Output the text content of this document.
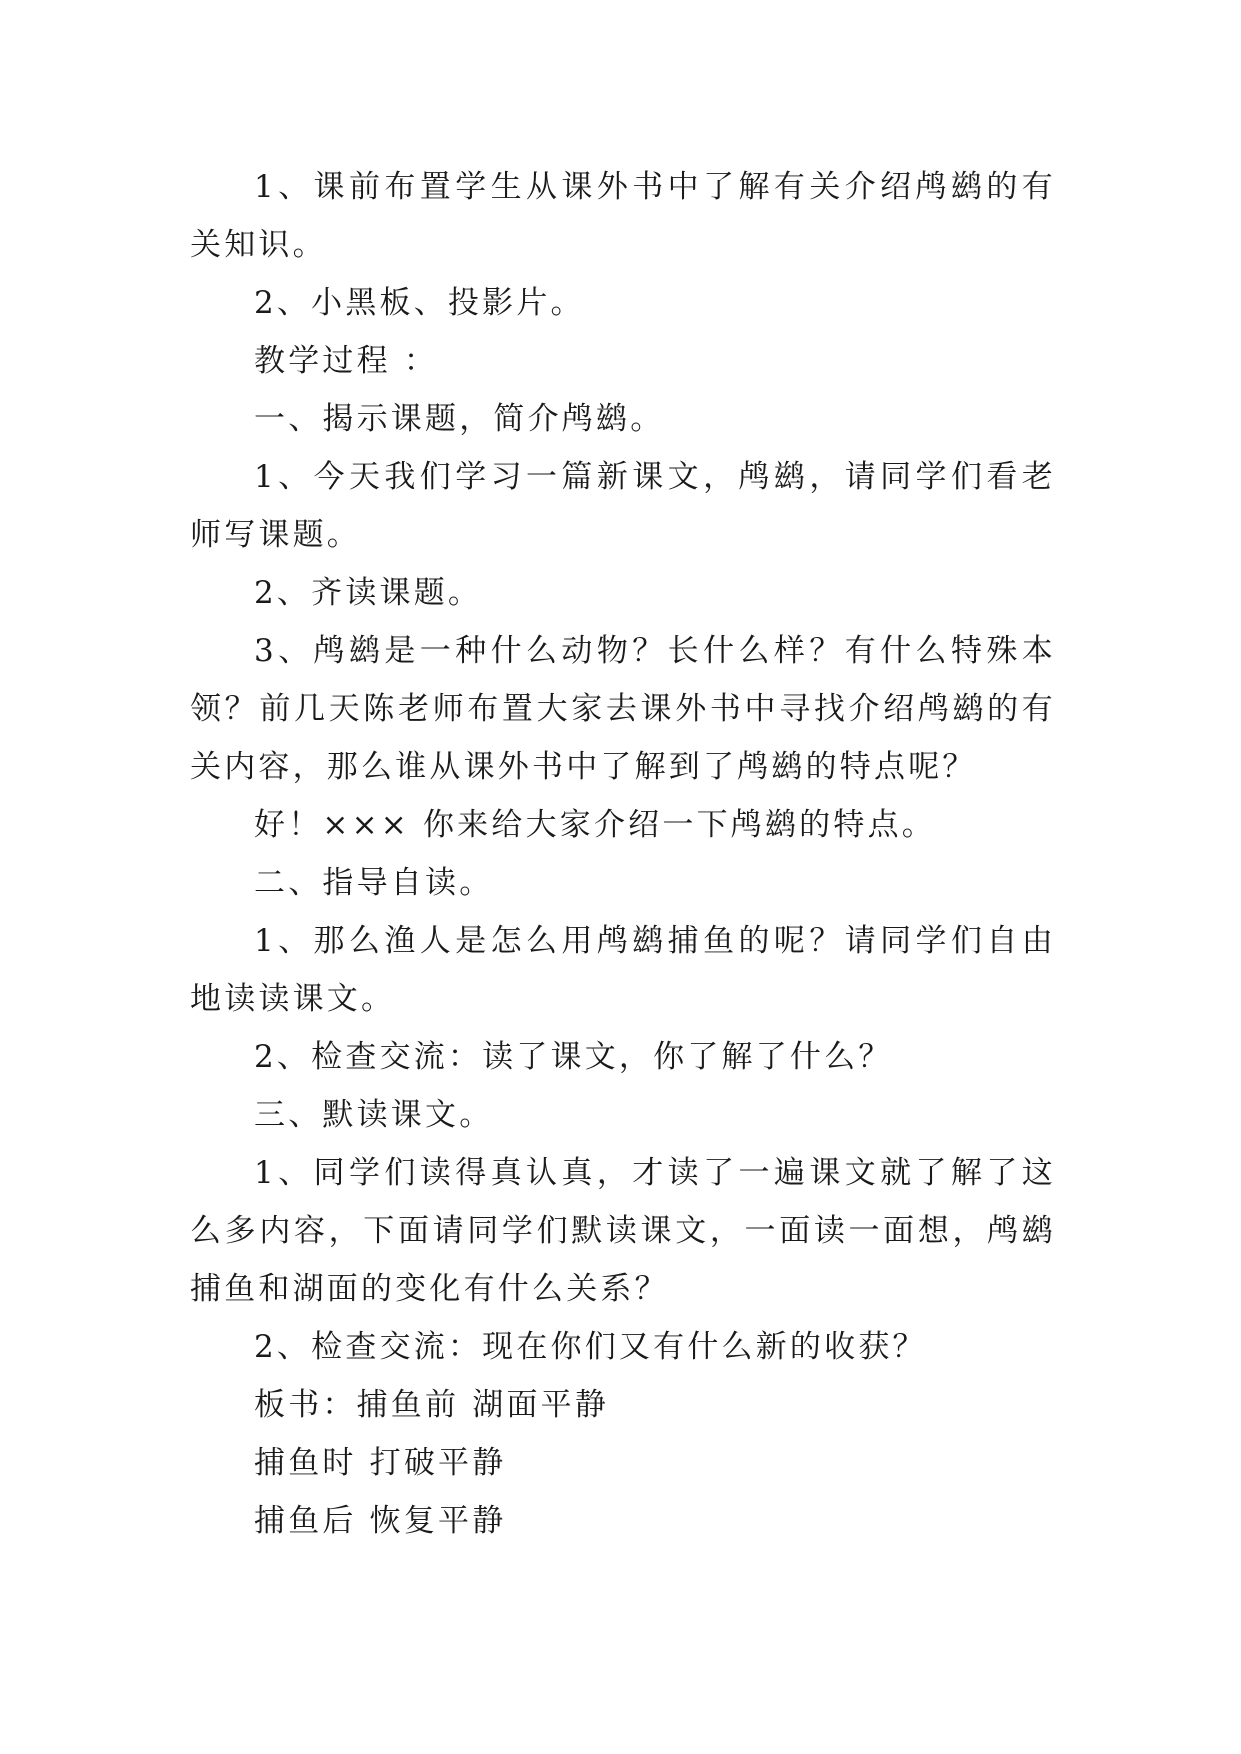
1、课前布置学生从课外书中了解有关介绍鸬鹚的有关知识。

2、小黑板、投影片。

教学过程 ：

一、揭示课题，简介鸬鹚。

1、今天我们学习一篇新课文，鸬鹚，请同学们看老师写课题。

2、齐读课题。

3、鸬鹚是一种什么动物？长什么样？有什么特殊本领？前几天陈老师布置大家去课外书中寻找介绍鸬鹚的有关内容，那么谁从课外书中了解到了鸬鹚的特点呢？

好！××× 你来给大家介绍一下鸬鹚的特点。

二、指导自读。

1、那么渔人是怎么用鸬鹚捕鱼的呢？请同学们自由地读读课文。

2、检查交流：读了课文，你了解了什么？

三、默读课文。

1、同学们读得真认真，才读了一遍课文就了解了这么多内容，下面请同学们默读课文，一面读一面想，鸬鹚捕鱼和湖面的变化有什么关系？

2、检查交流：现在你们又有什么新的收获？

板书：捕鱼前 湖面平静

捕鱼时 打破平静

捕鱼后 恢复平静
